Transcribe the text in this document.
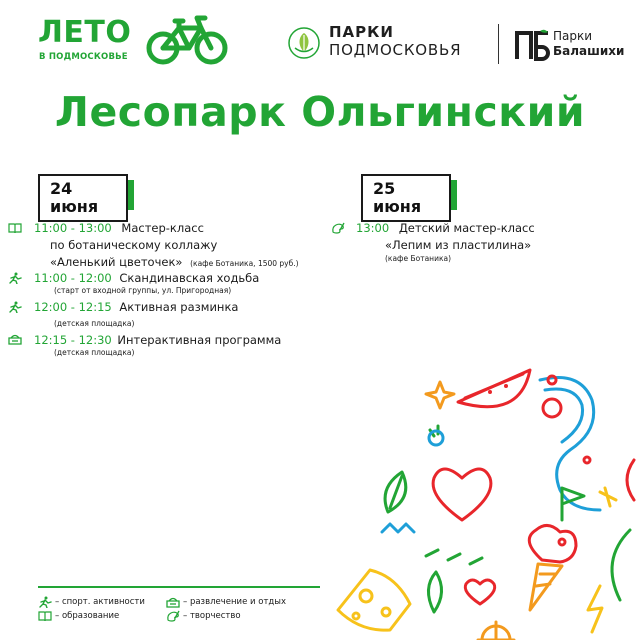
ЛЕТО
В ПОДМОСКОВЬЕ
ПАРКИ
ПОДМОСКОВЬЯ
Парки
Балашихи
Лесопарк Ольгинский
24 июня
11:00 - 13:00 Мастер-класс
по ботаническому коллажу
«Аленький цветочек» (кафе Ботаника, 1500 руб.)
11:00 - 12:00 Скандинавская ходьба
(старт от входной группы, ул. Пригородная)
12:00 - 12:15 Активная разминка
(детская площадка)
12:15 - 12:30 Интерактивная программа
(детская площадка)
25 июня
13:00 Детский мастер-класс
«Лепим из пластилина»
(кафе Ботаника)
– спорт. активности	– развлечение и отдых
– образование	– творчество
